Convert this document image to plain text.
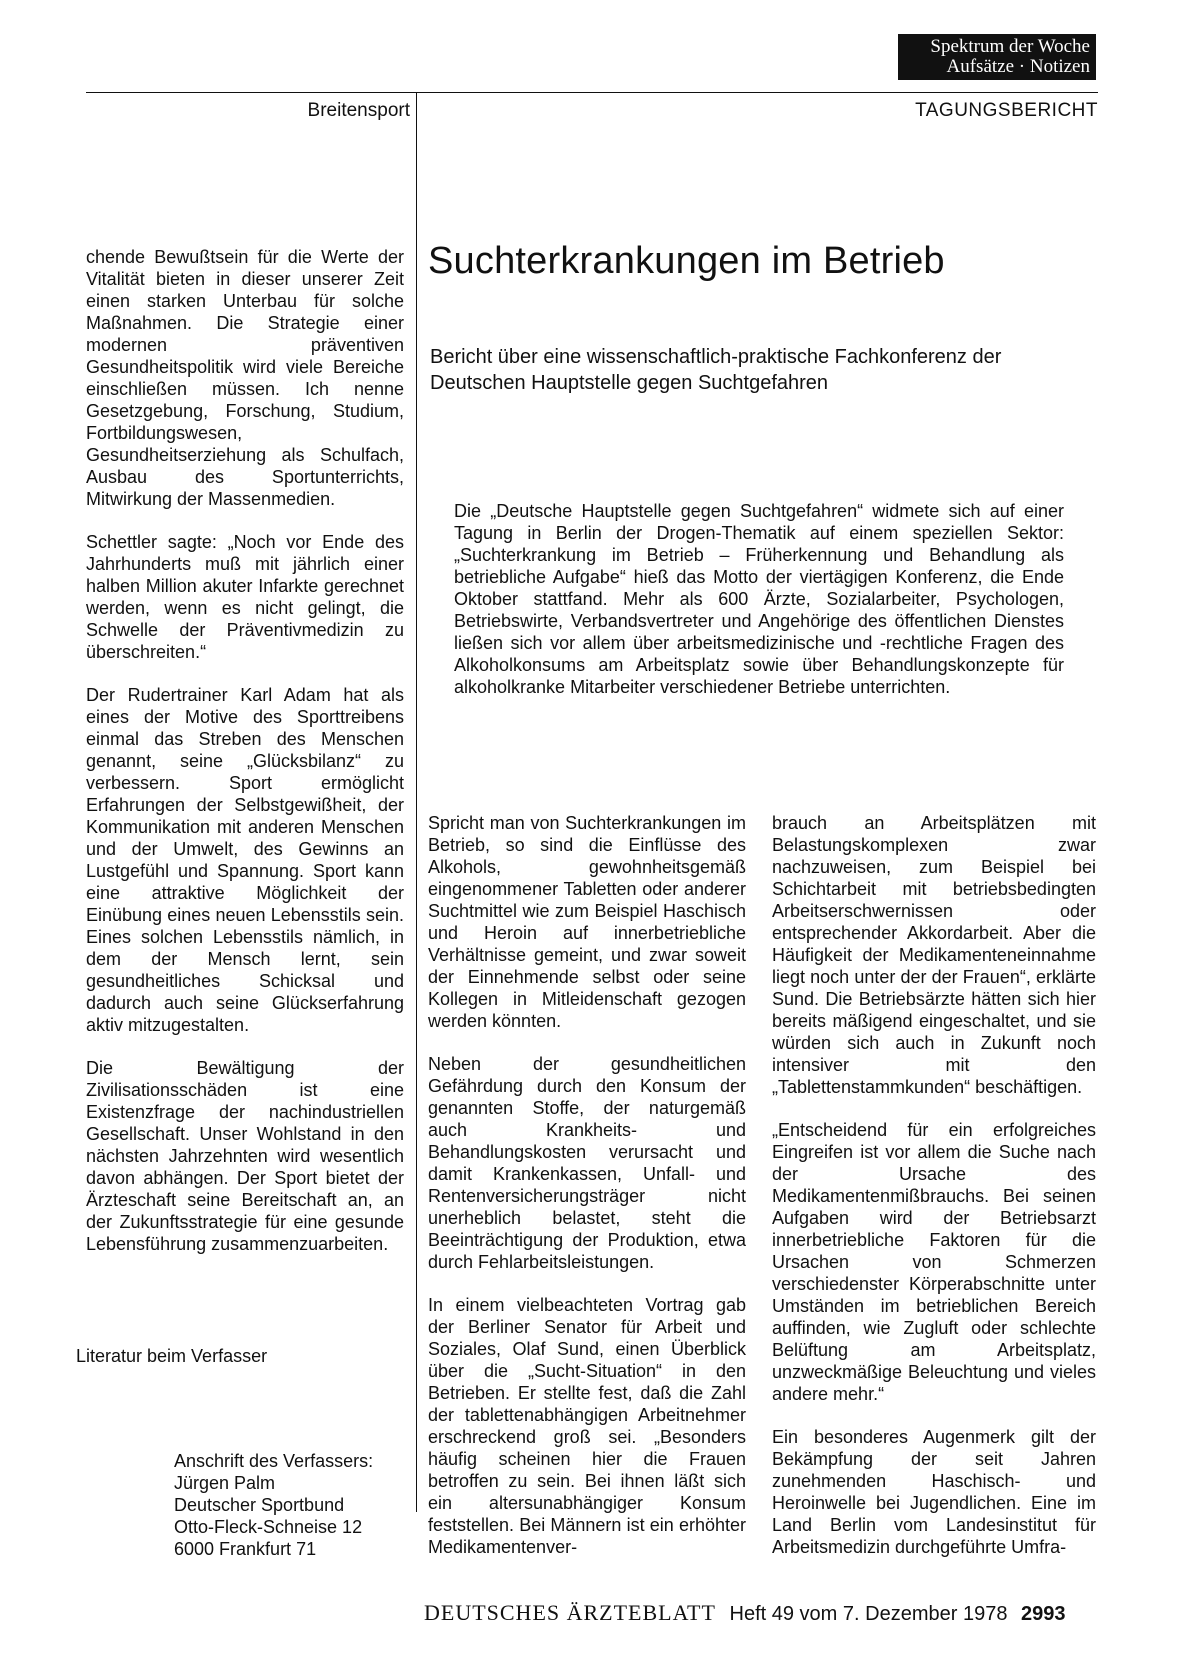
Spektrum der Woche
Aufsätze · Notizen
Breitensport	TAGUNGSBERICHT

chende Bewußtsein für die Werte der Vitalität bieten in dieser unserer Zeit einen starken Unterbau für solche Maßnahmen. Die Strategie einer modernen präventiven Gesundheitspolitik wird viele Bereiche einschließen müssen. Ich nenne Gesetzgebung, Forschung, Studium, Fortbildungswesen, Gesundheitserziehung als Schulfach, Ausbau des Sportunterrichts, Mitwirkung der Massenmedien.

Schettler sagte: „Noch vor Ende des Jahrhunderts muß mit jährlich einer halben Million akuter Infarkte gerechnet werden, wenn es nicht gelingt, die Schwelle der Präventivmedizin zu überschreiten.“

Der Rudertrainer Karl Adam hat als eines der Motive des Sporttreibens einmal das Streben des Menschen genannt, seine „Glücksbilanz“ zu verbessern. Sport ermöglicht Erfahrungen der Selbstgewißheit, der Kommunikation mit anderen Menschen und der Umwelt, des Gewinns an Lustgefühl und Spannung. Sport kann eine attraktive Möglichkeit der Einübung eines neuen Lebensstils sein. Eines solchen Lebensstils nämlich, in dem der Mensch lernt, sein gesundheitliches Schicksal und dadurch auch seine Glückserfahrung aktiv mitzugestalten.

Die Bewältigung der Zivilisationsschäden ist eine Existenzfrage der nachindustriellen Gesellschaft. Unser Wohlstand in den nächsten Jahrzehnten wird wesentlich davon abhängen. Der Sport bietet der Ärzteschaft seine Bereitschaft an, an der Zukunftsstrategie für eine gesunde Lebensführung zusammenzuarbeiten.

Literatur beim Verfasser
Anschrift des Verfassers:
Jürgen Palm
Deutscher Sportbund
Otto-Fleck-Schneise 12
6000 Frankfurt 71
Suchterkrankungen im Betrieb
Bericht über eine wissenschaftlich-praktische Fachkonferenz der Deutschen Hauptstelle gegen Suchtgefahren

Die „Deutsche Hauptstelle gegen Suchtgefahren“ widmete sich auf einer Tagung in Berlin der Drogen-Thematik auf einem speziellen Sektor: „Suchterkrankung im Betrieb – Früherkennung und Behandlung als betriebliche Aufgabe“ hieß das Motto der viertägigen Konferenz, die Ende Oktober stattfand. Mehr als 600 Ärzte, Sozialarbeiter, Psychologen, Betriebswirte, Verbandsvertreter und Angehörige des öffentlichen Dienstes ließen sich vor allem über arbeitsmedizinische und -rechtliche Fragen des Alkoholkonsums am Arbeitsplatz sowie über Behandlungskonzepte für alkoholkranke Mitarbeiter verschiedener Betriebe unterrichten.

Spricht man von Suchterkrankungen im Betrieb, so sind die Einflüsse des Alkohols, gewohnheitsgemäß eingenommener Tabletten oder anderer Suchtmittel wie zum Beispiel Haschisch und Heroin auf innerbetriebliche Verhältnisse gemeint, und zwar soweit der Einnehmende selbst oder seine Kollegen in Mitleidenschaft gezogen werden könnten.

Neben der gesundheitlichen Gefährdung durch den Konsum der genannten Stoffe, der naturgemäß auch Krankheits- und Behandlungskosten verursacht und damit Krankenkassen, Unfall- und Rentenversicherungsträger nicht unerheblich belastet, steht die Beeinträchtigung der Produktion, etwa durch Fehlarbeitsleistungen.

In einem vielbeachteten Vortrag gab der Berliner Senator für Arbeit und Soziales, Olaf Sund, einen Überblick über die „Sucht-Situation“ in den Betrieben. Er stellte fest, daß die Zahl der tablettenabhängigen Arbeitnehmer erschreckend groß sei. „Besonders häufig scheinen hier die Frauen betroffen zu sein. Bei ihnen läßt sich ein altersunabhängiger Konsum feststellen. Bei Männern ist ein erhöhter Medikamentenver-

brauch an Arbeitsplätzen mit Belastungskomplexen zwar nachzuweisen, zum Beispiel bei Schichtarbeit mit betriebsbedingten Arbeitserschwernissen oder entsprechender Akkordarbeit. Aber die Häufigkeit der Medikamenteneinnahme liegt noch unter der der Frauen“, erklärte Sund. Die Betriebsärzte hätten sich hier bereits mäßigend eingeschaltet, und sie würden sich auch in Zukunft noch intensiver mit den „Tablettenstammkunden“ beschäftigen.

„Entscheidend für ein erfolgreiches Eingreifen ist vor allem die Suche nach der Ursache des Medikamentenmißbrauchs. Bei seinen Aufgaben wird der Betriebsarzt innerbetriebliche Faktoren für die Ursachen von Schmerzen verschiedenster Körperabschnitte unter Umständen im betrieblichen Bereich auffinden, wie Zugluft oder schlechte Belüftung am Arbeitsplatz, unzweckmäßige Beleuchtung und vieles andere mehr.“

Ein besonderes Augenmerk gilt der Bekämpfung der seit Jahren zunehmenden Haschisch- und Heroinwelle bei Jugendlichen. Eine im Land Berlin vom Landesinstitut für Arbeitsmedizin durchgeführte Umfra-

DEUTSCHES ÄRZTEBLATT Heft 49 vom 7. Dezember 1978 2993
